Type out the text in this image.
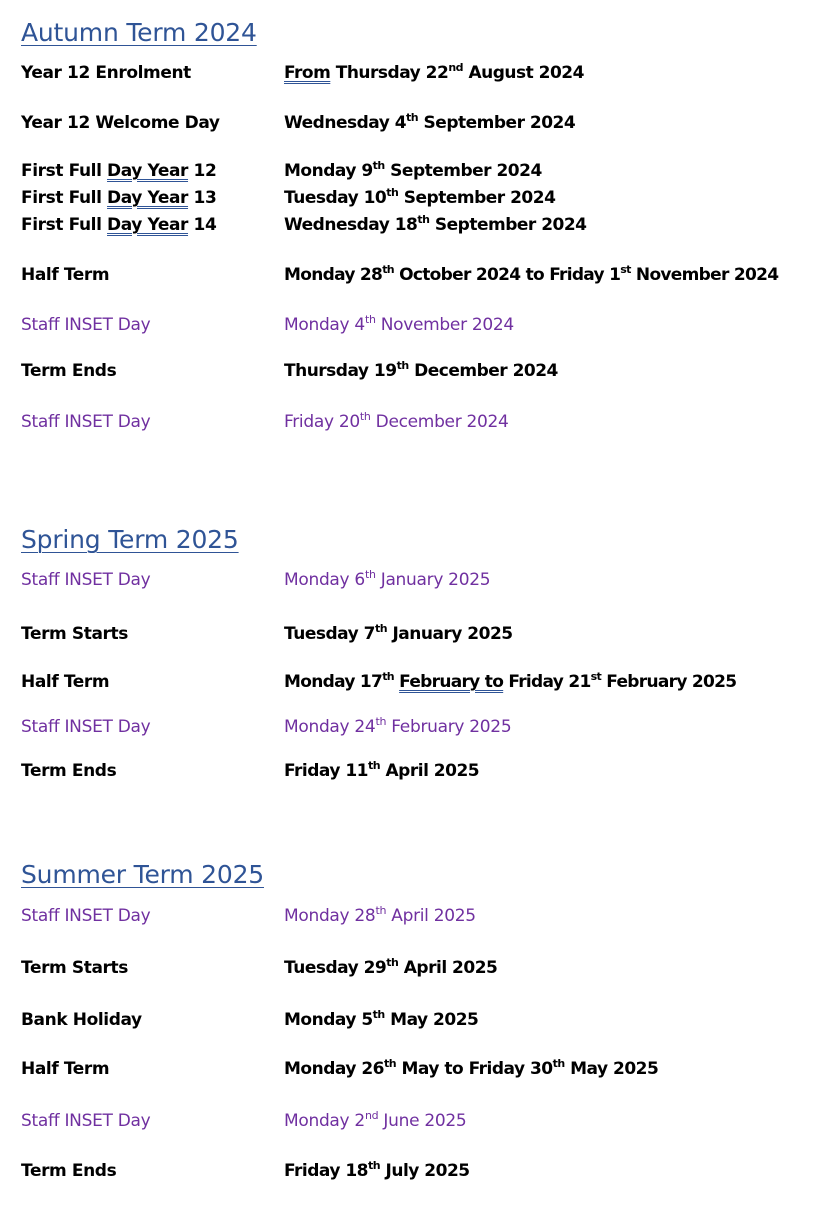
Autumn Term 2024
Year 12 Enrolment	From Thursday 22nd August 2024
Year 12 Welcome Day	Wednesday 4th September 2024
First Full Day Year 12	Monday 9th September 2024
First Full Day Year 13	Tuesday 10th September 2024
First Full Day Year 14	Wednesday 18th September 2024
Half Term	Monday 28th October 2024 to Friday 1st November 2024
Staff INSET Day	Monday 4th November 2024
Term Ends	Thursday 19th December 2024
Staff INSET Day	Friday 20th December 2024
Spring Term 2025
Staff INSET Day	Monday 6th January 2025
Term Starts	Tuesday 7th January 2025
Half Term	Monday 17th February to Friday 21st February 2025
Staff INSET Day	Monday 24th February 2025
Term Ends	Friday 11th April 2025
Summer Term 2025
Staff INSET Day	Monday 28th April 2025
Term Starts	Tuesday 29th April 2025
Bank Holiday	Monday 5th May 2025
Half Term	Monday 26th May to Friday 30th May 2025
Staff INSET Day	Monday 2nd June 2025
Term Ends	Friday 18th July 2025
